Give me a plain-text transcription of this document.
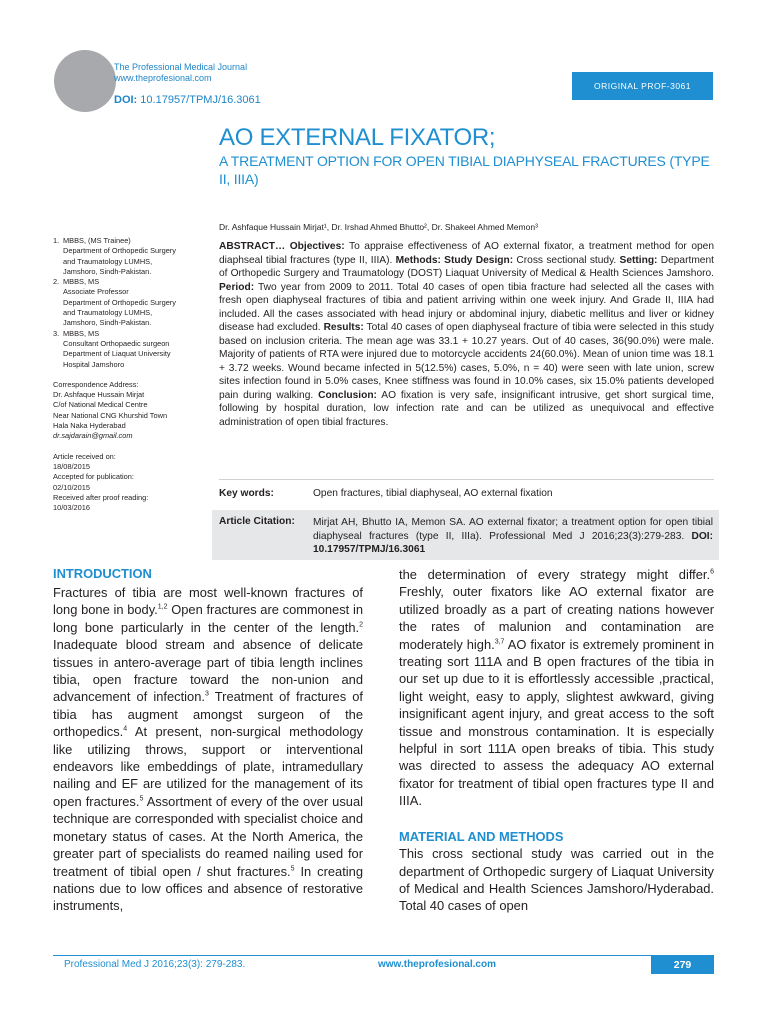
The Professional Medical Journal
www.theprofesional.com
DOI: 10.17957/TPMJ/16.3061
ORIGINAL PROF-3061
AO EXTERNAL FIXATOR;
A TREATMENT OPTION FOR OPEN TIBIAL DIAPHYSEAL FRACTURES (TYPE II, IIIA)
Dr. Ashfaque Hussain Mirjat¹, Dr. Irshad Ahmed Bhutto², Dr. Shakeel Ahmed Memon³
1. MBBS, (MS Trainee)
Department of Orthopedic Surgery
and Traumatology LUMHS,
Jamshoro, Sindh-Pakistan.
2. MBBS, MS
Associate Professor
Department of Orthopedic Surgery
and Traumatology LUMHS,
Jamshoro, Sindh-Pakistan.
3. MBBS, MS
Consultant Orthopaedic surgeon
Department of Liaquat University
Hospital Jamshoro
Correspondence Address:
Dr. Ashfaque Hussain Mirjat
C/of National Medical Centre
Near National CNG Khurshid Town
Hala Naka Hyderabad
dr.sajdarain@gmail.com
Article received on:
18/08/2015
Accepted for publication:
02/10/2015
Received after proof reading:
10/03/2016
ABSTRACT… Objectives: To appraise effectiveness of AO external fixator, a treatment method for open diaphseal tibial fractures (type II, IIIA). Methods: Study Design: Cross sectional study. Setting: Department of Orthopedic Surgery and Traumatology (DOST) Liaquat University of Medical & Health Sciences Jamshoro. Period: Two year from 2009 to 2011. Total 40 cases of open tibia fracture had selected all the cases with fresh open diaphyseal fractures of tibia and patient arriving within one week injury. And Grade II, IIIA had included. All the cases associated with head injury or abdominal injury, diabetic mellitus and liver or kidney disease had excluded. Results: Total 40 cases of open diaphyseal fracture of tibia were selected in this study based on inclusion criteria. The mean age was 33.1 + 10.27 years. Out of 40 cases, 36(90.0%) were male. Majority of patients of RTA were injured due to motorcycle accidents 24(60.0%). Mean of union time was 18.1 + 3.72 weeks. Wound became infected in 5(12.5%) cases, 5.0%, n = 40) were seen with late union, screw sites infection found in 5.0% cases, Knee stiffness was found in 10.0% cases, six 15.0% patients developed pain during walking. Conclusion: AO fixation is very safe, insignificant intrusive, get short surgical time, following by hospital duration, low infection rate and can be utilized as unequivocal and effective administration of open tibial fractures.
Key words:	Open fractures, tibial diaphyseal, AO external fixation
Article Citation: Mirjat AH, Bhutto IA, Memon SA. AO external fixator; a treatment option for open tibial diaphyseal fractures (type II, IIIa). Professional Med J 2016;23(3):279-283. DOI: 10.17957/TPMJ/16.3061
INTRODUCTION

Fractures of tibia are most well-known fractures of long bone in body.$^{1,2}$ Open fractures are commonest in long bone particularly in the center of the length.$^2$ Inadequate blood stream and absence of delicate tissues in antero-average part of tibia length inclines tibia, open fracture toward the non-union and advancement of infection.$^3$ Treatment of fractures of tibia has augment amongst surgeon of the orthopedics.$^4$ At present, non-surgical methodology like utilizing throws, support or interventional endeavors like embeddings of plate, intramedullary nailing and EF are utilized for the management of its open fractures.$^5$ Assortment of every of the over usual technique are corresponded with specialist choice and monetary status of cases. At the North America, the greater part of specialists do reamed nailing used for treatment of tibial open / shut fractures.$^5$ In creating nations due to low offices and absence of restorative instruments,

the determination of every strategy might differ.$^6$ Freshly, outer fixators like AO external fixator are utilized broadly as a part of creating nations however the rates of malunion and contamination are moderately high.$^{3,7}$ AO fixator is extremely prominent in treating sort 111A and B open fractures of the tibia in our set up due to it is effortlessly accessible ,practical, light weight, easy to apply, slightest awkward, giving insignificant agent injury, and great access to the soft tissue and monstrous contamination. It is especially helpful in sort 111A open breaks of tibia. This study was directed to assess the adequacy AO external fixator for treatment of tibial open fractures type II and IIIA.

MATERIAL AND METHODS

This cross sectional study was carried out in the department of Orthopedic surgery of Liaquat University of Medical and Health Sciences Jamshoro/Hyderabad. Total 40 cases of open

Professional Med J 2016;23(3): 279-283.	www.theprofesional.com	279
